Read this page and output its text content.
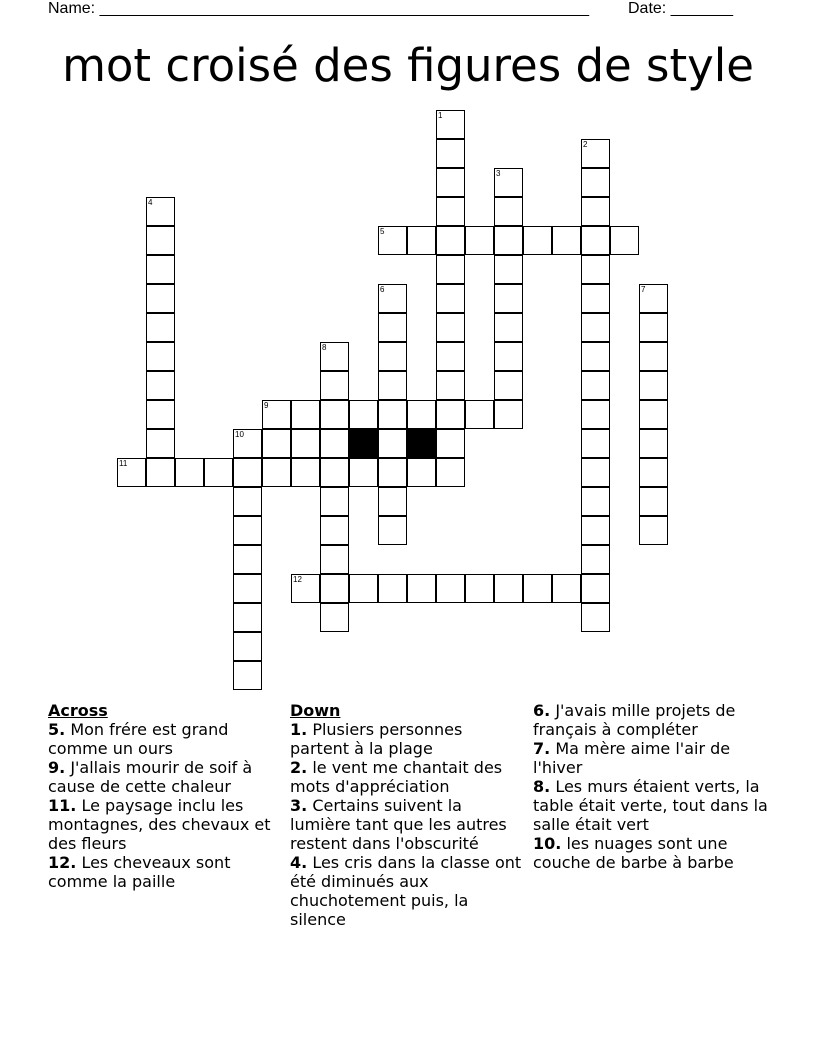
Name: _______________________________________________________ Date: _______
mot croisé des figures de style
5
9
10
11
12
1
2
3
4
6	7
8
Across
5. Mon frére est grand comme un ours
9. J'allais mourir de soif à cause de cette chaleur
11. Le paysage inclu les montagnes, des chevaux et des fleurs
12. Les cheveaux sont comme la paille
Down
1. Plusiers personnes partent à la plage
2. le vent me chantait des mots d'appréciation
3. Certains suivent la lumière tant que les autres restent dans l'obscurité
4. Les cris dans la classe ont été diminués aux chuchotement puis, la silence
6. J'avais mille projets de français à compléter
7. Ma mère aime l'air de l'hiver
8. Les murs étaient verts, la table était verte, tout dans la salle était vert
10. les nuages sont une couche de barbe à barbe
